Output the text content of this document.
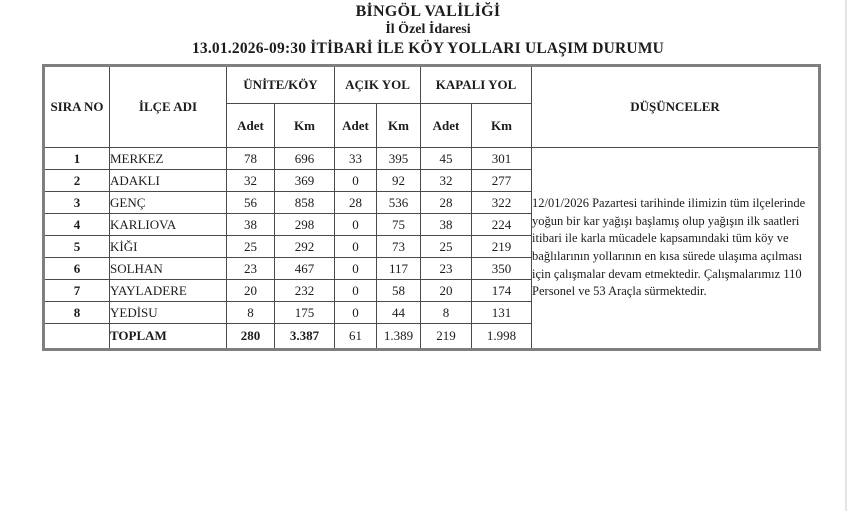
BİNGÖL VALİLİĞİ
İl Özel İdaresi
13.01.2026-09:30 İTİBARİ İLE KÖY YOLLARI ULAŞIM DURUMU
SIRA NO	İLÇE ADI	ÜNİTE/KÖY		AÇIK YOL		KAPALI YOL		DÜŞÜNCELER
		Adet	Km	Adet	Km	Adet	Km	
1	MERKEZ	78	696	33	395	45	301	12/01/2026 Pazartesi tarihinde ilimizin tüm ilçelerinde yoğun bir kar yağışı başlamış olup yağışın ilk saatleri itibari ile karla mücadele kapsamındaki tüm köy ve bağlılarının yollarının en kısa sürede ulaşıma açılması için çalışmalar devam etmektedir. Çalışmalarımız 110 Personel ve 53 Araçla sürmektedir.
2	ADAKLI	32	369	0	92	32	277	
3	GENÇ	56	858	28	536	28	322	
4	KARLIOVA	38	298	0	75	38	224	
5	KİĞI	25	292	0	73	25	219	
6	SOLHAN	23	467	0	117	23	350	
7	YAYLADERE	20	232	0	58	20	174	
8	YEDİSU	8	175	0	44	8	131	
	TOPLAM	280	3.387	61	1.389	219	1.998	
